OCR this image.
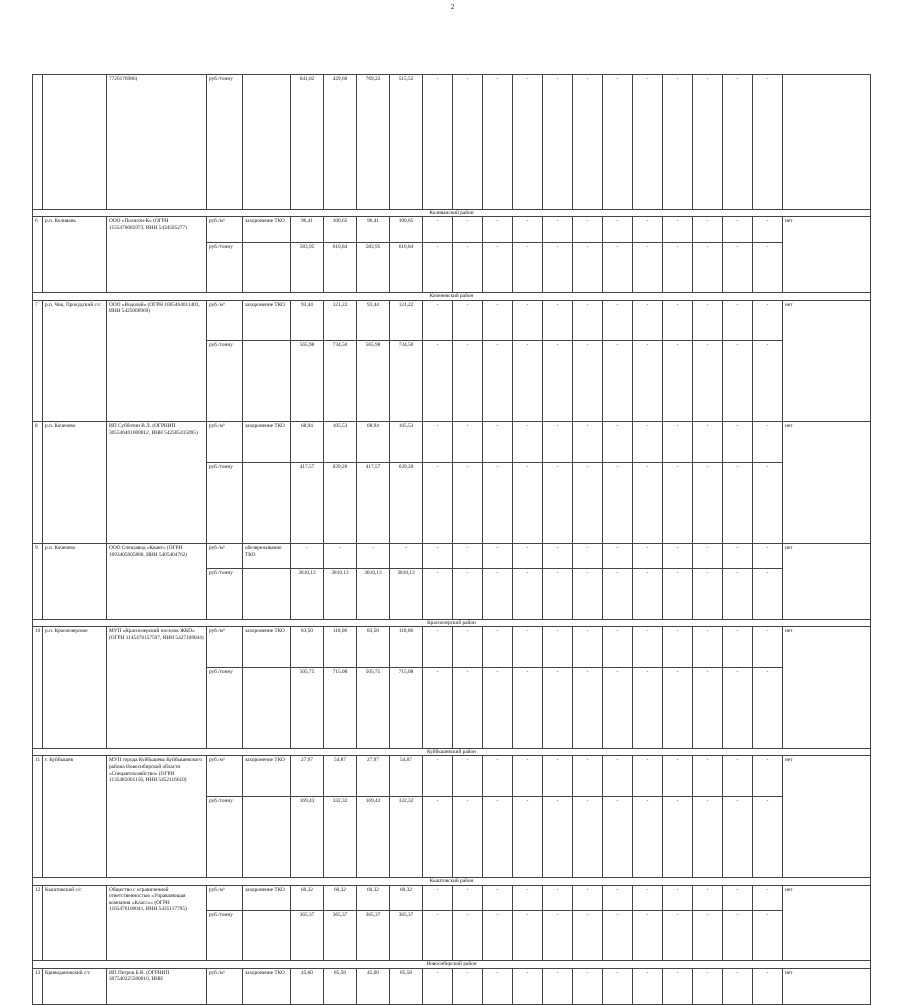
2
		7726176986)	руб./тонну		641,02	429,60	769,22	515,52	-	-	-	-	-	-	-	-	-	-	-	-		
Коливанский район																						
6	р.п. Коливань	ООО «Полигон-К» (ОГРН 1155476085973, ИНН 5434505277)	руб./м³	захоронение ТКО	96,41	100,65	96,41	100,65	-	-	-	-	-	-	-	-	-	-	-	-	нет	
			руб./тонну		583,95	610,84	583,95	610,84	-	-	-	-	-	-	-	-	-	-	-	-		
Коченевский район																						
7	р.п. Чик, Прокудский с/с	ООО «Водолей» (ОГРН 1065464011403, ИНН 5425000969)	руб./м³	захоронение ТКО	93,44	121,22	93,44	121,22	-	-	-	-	-	-	-	-	-	-	-	-	нет	
			руб./тонну		565,98	734,50	565,98	734,50	-	-	-	-	-	-	-	-	-	-	-	-		
8	р.п. Кочеnево	ИП Субботин В.Л. (ОГРНИП 305546401000012, ИНН 542505415095)	руб./м³	захоронение ТКО	68,94	105,53	68,94	105,53	-	-	-	-	-	-	-	-	-	-	-	-	нет	
			руб./тонну		417,57	639,20	417,57	639,20	-	-	-	-	-	-	-	-	-	-	-	-		
9	р.п. Кочеnево	ООО Спецзавод «Квант» (ОГРН 1093405005880, ИНН 5405404762)	руб./м³	обезвреживание ТКО	-	-	-	-	-	-	-	-	-	-	-	-	-	-	-	-	нет	
			руб./тонну		3810,13	3810,13	3810,13	3810,13	-	-	-	-	-	-	-	-	-	-	-	-		
Краснозерский район																						
10	р.п. Краснозерское	МУП «Краснозерский поселок ЖКО» (ОГРН 1145476157597, ИНН 5427108044)	руб./м³	захоронение ТКО	83,50	118,06	83,50	118,06	-	-	-	-	-	-	-	-	-	-	-	-	нет	
			руб./тонну		505,75	715,08	505,75	715,08	-	-	-	-	-	-	-	-	-	-	-	-		
Куйбышевский район																						
11	г. Куйбышев	МУП города Куйбышева Куйбышевского района Новосибирской области «Спецавтохозяйство» (ОГРН 1135485001156, ИНН 5452116610)	руб./м³	захоронение ТКО	27,97	54,87	27,97	54,87	-	-	-	-	-	-	-	-	-	-	-	-	нет	
			руб./тонну		169,43	332,32	169,43	332,32	-	-	-	-	-	-	-	-	-	-	-	-		
Кыштовский район																						
12	Кыштовский с/с	Общество с ограниченной ответственностью «Управляющая компания «Класс»» (ОГРН 1165476100041, ИНН 5435117795)	руб./м³	захоронение ТКО	60,32	60,32	60,32	60,32	-	-	-	-	-	-	-	-	-	-	-	-	нет	
			руб./тонну		365,37	365,37	365,37	365,37	-	-	-	-	-	-	-	-	-	-	-	-		
Новосибирский район																						
13	Криводановский с/с	ИП Петров Б.В. (ОГРНИП 307540225500010, ИНН	руб./м³	захоронение ТКО	45,60	85,58	45,60	85,58	-	-	-	-	-	-	-	-	-	-	-	-	нет	
